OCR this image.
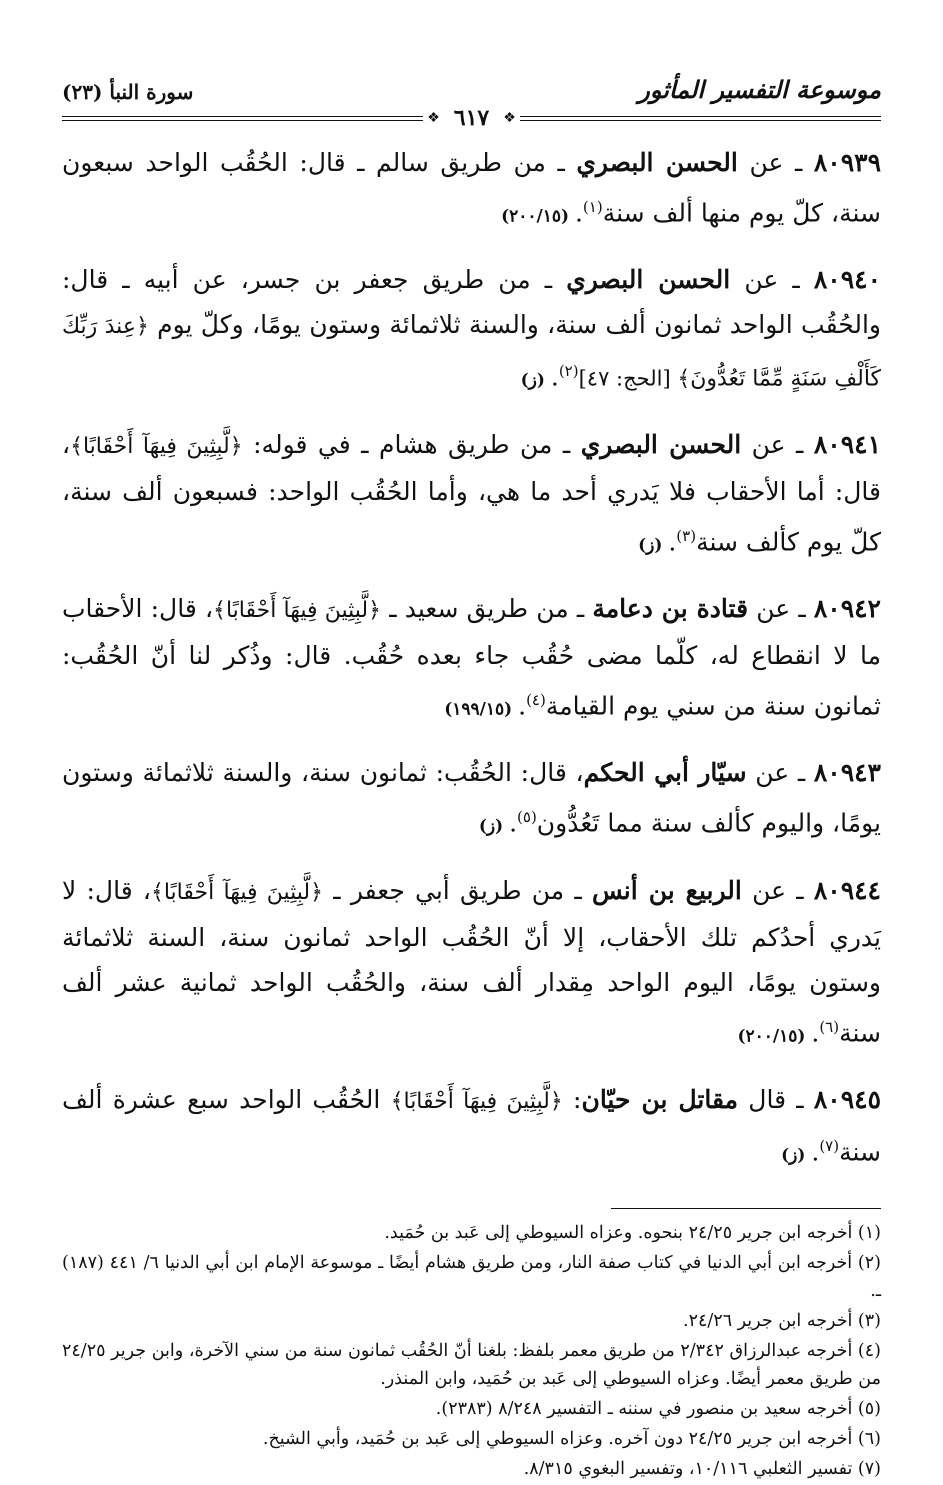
موسوعة التفسير المأثور
سورة النبأ (٢٣)
❖
٦١٧
❖

٨٠٩٣٩ ـ عن الحسن البصري ـ من طريق سالم ـ قال: الحُقُب الواحد سبعون سنة، كلّ يوم منها ألف سنة$^{(١)}$. (٢٠٠/١٥)

٨٠٩٤٠ ـ عن الحسن البصري ـ من طريق جعفر بن جسر، عن أبيه ـ قال: والحُقُب الواحد ثمانون ألف سنة، والسنة ثلاثمائة وستون يومًا، وكلّ يوم ﴿عِندَ رَبِّكَ كَأَلْفِ سَنَةٍ مِّمَّا تَعُدُّونَ﴾ [الحج: ٤٧]$^{(٢)}$. (ز)

٨٠٩٤١ ـ عن الحسن البصري ـ من طريق هشام ـ في قوله: ﴿لَّبِثِينَ فِيهَآ أَحْقَابًا﴾، قال: أما الأحقاب فلا يَدري أحد ما هي، وأما الحُقُب الواحد: فسبعون ألف سنة، كلّ يوم كألف سنة$^{(٣)}$. (ز)

٨٠٩٤٢ ـ عن قتادة بن دعامة ـ من طريق سعيد ـ ﴿لَّبِثِينَ فِيهَآ أَحْقَابًا﴾، قال: الأحقاب ما لا انقطاع له، كلّما مضى حُقُب جاء بعده حُقُب. قال: وذُكر لنا أنّ الحُقُب: ثمانون سنة من سني يوم القيامة$^{(٤)}$. (١٩٩/١٥)

٨٠٩٤٣ ـ عن سيّار أبي الحكم، قال: الحُقُب: ثمانون سنة، والسنة ثلاثمائة وستون يومًا، واليوم كألف سنة مما تَعُدُّون$^{(٥)}$. (ز)

٨٠٩٤٤ ـ عن الربيع بن أنس ـ من طريق أبي جعفر ـ ﴿لَّبِثِينَ فِيهَآ أَحْقَابًا﴾، قال: لا يَدري أحدُكم تلك الأحقاب، إلا أنّ الحُقُب الواحد ثمانون سنة، السنة ثلاثمائة وستون يومًا، اليوم الواحد مِقدار ألف سنة، والحُقُب الواحد ثمانية عشر ألف سنة$^{(٦)}$. (٢٠٠/١٥)

٨٠٩٤٥ ـ قال مقاتل بن حيّان: ﴿لَّبِثِينَ فِيهَآ أَحْقَابًا﴾ الحُقُب الواحد سبع عشرة ألف سنة$^{(٧)}$. (ز)

(١) أخرجه ابن جرير ٢٤/٢٥ بنحوه. وعزاه السيوطي إلى عَبد بن حُمَيد.

(٢) أخرجه ابن أبي الدنيا في كتاب صفة النار، ومن طريق هشام أيضًا ـ موسوعة الإمام ابن أبي الدنيا ٦/ ٤٤١ (١٨٧) ـ.

(٣) أخرجه ابن جرير ٢٤/٢٦.

(٤) أخرجه عبدالرزاق ٢/٣٤٢ من طريق معمر بلفظ: بلغنا أنّ الحُقُب ثمانون سنة من سني الآخرة، وابن جرير ٢٤/٢٥ من طريق معمر أيضًا. وعزاه السيوطي إلى عَبد بن حُمَيد، وابن المنذر.

(٥) أخرجه سعيد بن منصور في سننه ـ التفسير ٨/٢٤٨ (٢٣٨٣).

(٦) أخرجه ابن جرير ٢٤/٢٥ دون آخره. وعزاه السيوطي إلى عَبد بن حُمَيد، وأبي الشيخ.

(٧) تفسير الثعلبي ١٠/١١٦، وتفسير البغوي ٨/٣١٥.
